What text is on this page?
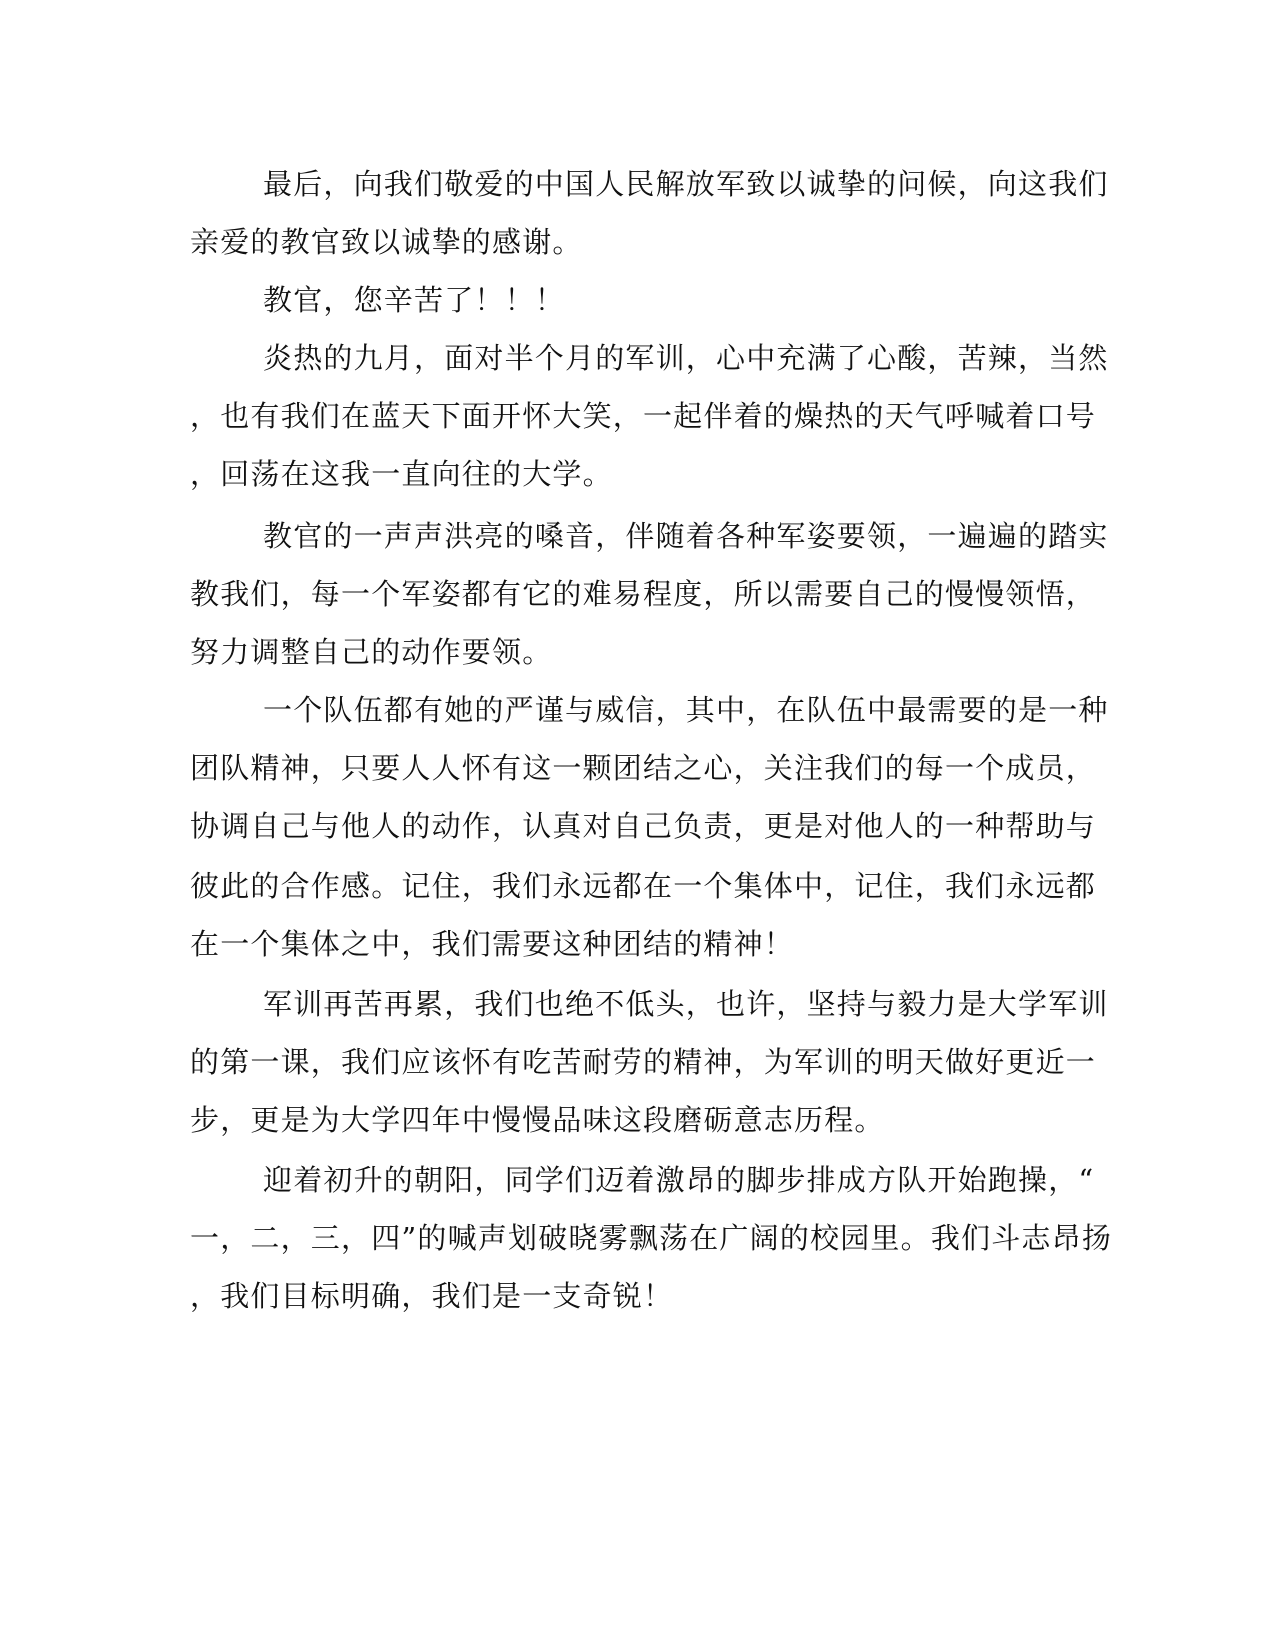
最后，向我们敬爱的中国人民解放军致以诚挚的问候，向这我们
亲爱的教官致以诚挚的感谢。
教官，您辛苦了！！！
炎热的九月，面对半个月的军训，心中充满了心酸，苦辣，当然
，也有我们在蓝天下面开怀大笑，一起伴着的燥热的天气呼喊着口号
，回荡在这我一直向往的大学。
教官的一声声洪亮的嗓音，伴随着各种军姿要领，一遍遍的踏实
教我们，每一个军姿都有它的难易程度，所以需要自己的慢慢领悟，
努力调整自己的动作要领。
一个队伍都有她的严谨与威信，其中，在队伍中最需要的是一种
团队精神，只要人人怀有这一颗团结之心，关注我们的每一个成员，
协调自己与他人的动作，认真对自己负责，更是对他人的一种帮助与
彼此的合作感。记住，我们永远都在一个集体中，记住，我们永远都
在一个集体之中，我们需要这种团结的精神！
军训再苦再累，我们也绝不低头，也许，坚持与毅力是大学军训
的第一课，我们应该怀有吃苦耐劳的精神，为军训的明天做好更近一
步，更是为大学四年中慢慢品味这段磨砺意志历程。
迎着初升的朝阳，同学们迈着激昂的脚步排成方队开始跑操，“
一，二，三，四”的喊声划破晓雾飘荡在广阔的校园里。我们斗志昂扬
，我们目标明确，我们是一支奇锐！
